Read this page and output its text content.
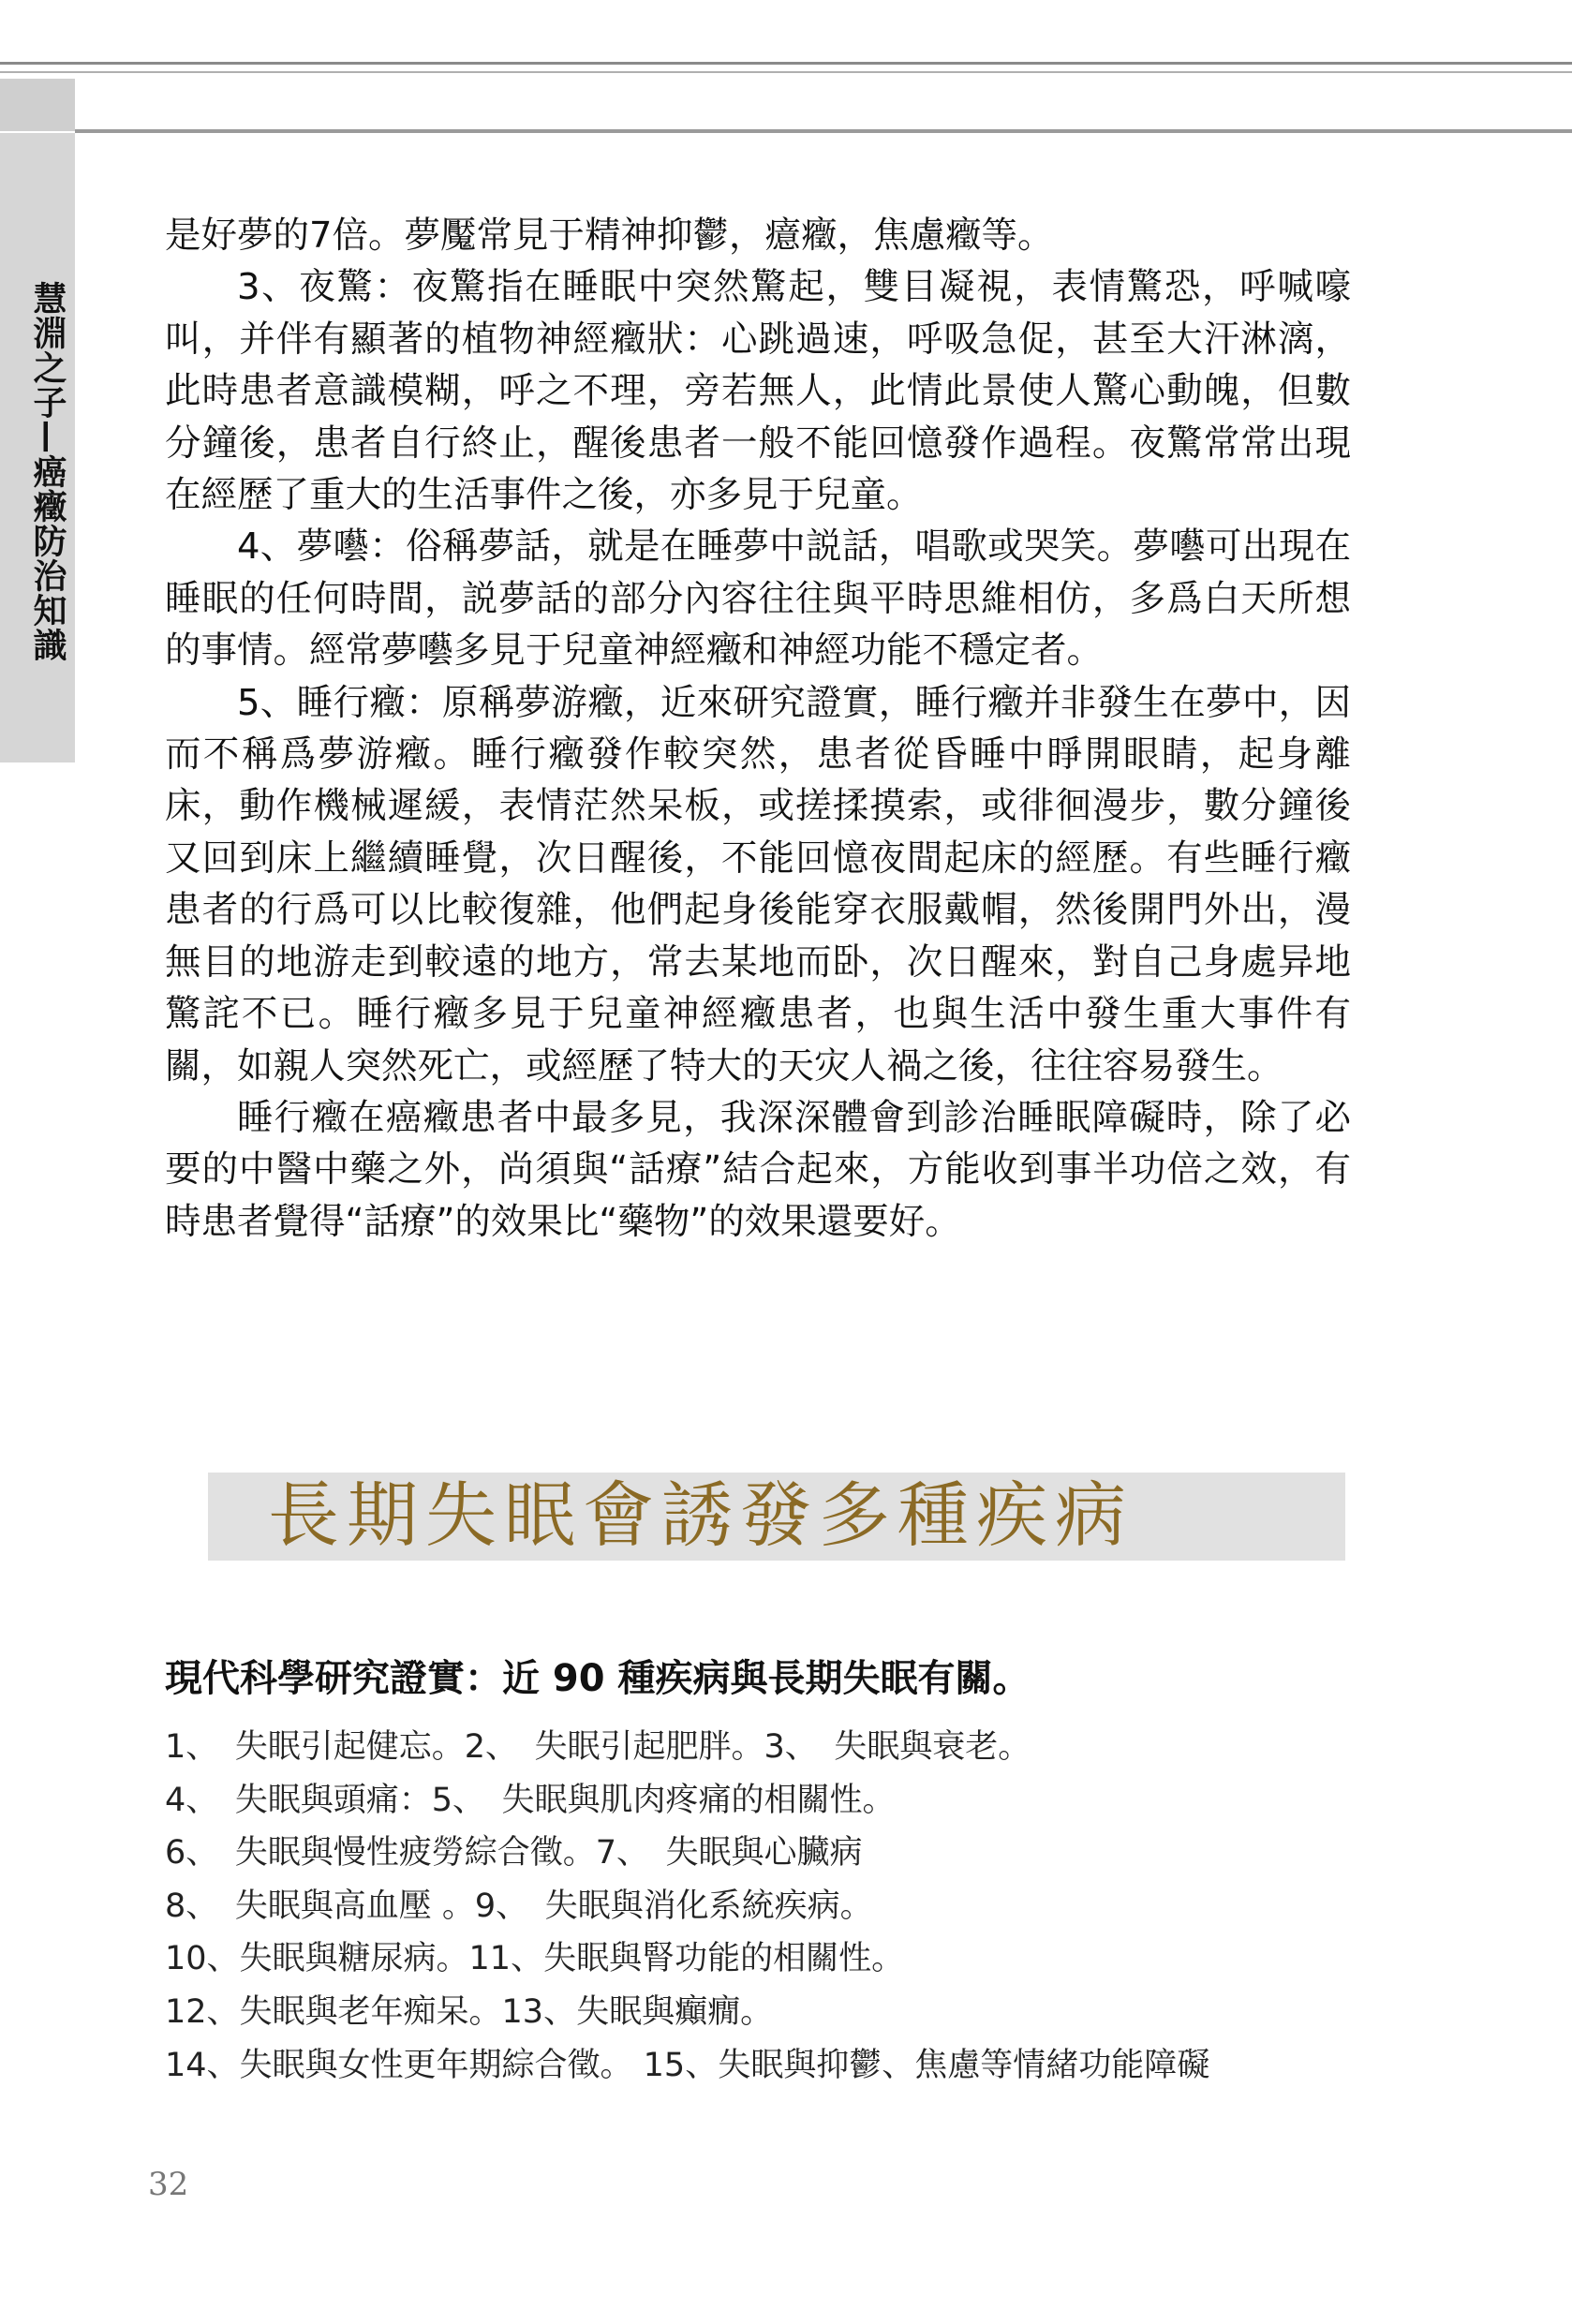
慧淵之子—癌癥防治知識

是好夢的7倍。夢魘常見于精神抑鬱，癔癥，焦慮癥等。

3、夜驚：夜驚指在睡眠中突然驚起，雙目凝視，表情驚恐，呼喊嚎叫，并伴有顯著的植物神經癥狀：心跳過速，呼吸急促，甚至大汗淋漓，此時患者意識模糊，呼之不理，旁若無人，此情此景使人驚心動魄，但數分鐘後，患者自行終止，醒後患者一般不能回憶發作過程。夜驚常常出現在經歷了重大的生活事件之後，亦多見于兒童。

4、夢囈：俗稱夢話，就是在睡夢中説話，唱歌或哭笑。夢囈可出現在睡眠的任何時間，説夢話的部分內容往往與平時思維相仿，多爲白天所想的事情。經常夢囈多見于兒童神經癥和神經功能不穩定者。

5、睡行癥：原稱夢游癥，近來研究證實，睡行癥并非發生在夢中，因而不稱爲夢游癥。睡行癥發作較突然，患者從昏睡中睜開眼睛，起身離床，動作機械遲緩，表情茫然呆板，或搓揉摸索，或徘徊漫步，數分鐘後又回到床上繼續睡覺，次日醒後，不能回憶夜間起床的經歷。有些睡行癥患者的行爲可以比較復雜，他們起身後能穿衣服戴帽，然後開門外出，漫無目的地游走到較遠的地方，常去某地而卧，次日醒來，對自己身處异地驚詫不已。睡行癥多見于兒童神經癥患者，也與生活中發生重大事件有關，如親人突然死亡，或經歷了特大的天灾人禍之後，往往容易發生。

睡行癥在癌癥患者中最多見，我深深體會到診治睡眠障礙時，除了必要的中醫中藥之外，尚須與“話療”結合起來，方能收到事半功倍之效，有時患者覺得“話療”的效果比“藥物”的效果還要好。

長期失眠會誘發多種疾病
現代科學研究證實：近 90 種疾病與長期失眠有關。
1、　失眠引起健忘。2、　失眠引起肥胖。3、　失眠與衰老。
4、　失眠與頭痛：5、　失眠與肌肉疼痛的相關性。
6、　失眠與慢性疲勞綜合徵。7、　失眠與心臟病
8、　失眠與高血壓 。9、　失眠與消化系統疾病。
10、失眠與糖尿病。11、失眠與腎功能的相關性。
12、失眠與老年痴呆。13、失眠與癲癇。
14、失眠與女性更年期綜合徵。 15、失眠與抑鬱、焦慮等情緒功能障礙
32
